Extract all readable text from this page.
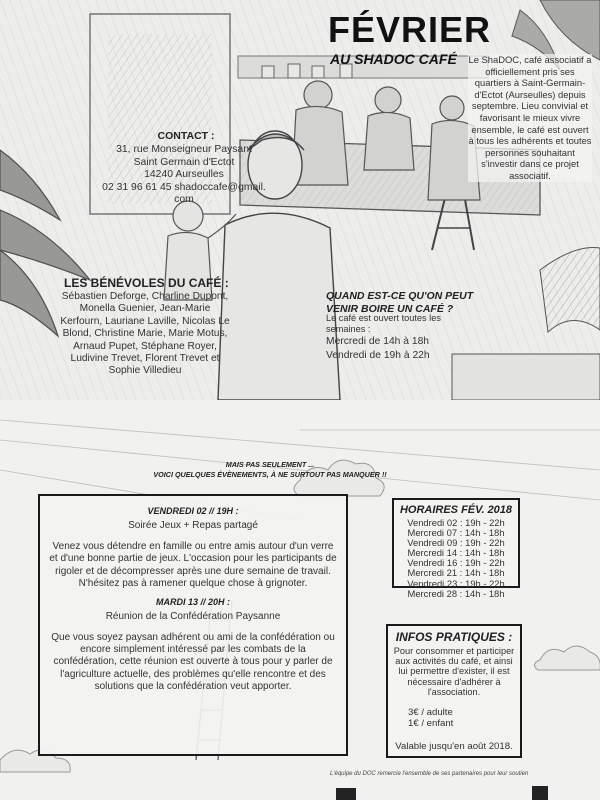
FÉVRIER
AU SHADOC CAFÉ Le ShaDOC, café associatif a officiellement pris ses quartiers à Saint-Germain-d'Ectot (Aurseulles) depuis septembre. Lieu convivial et favorisant le mieux vivre ensemble, le café est ouvert à tous les adhérents et toutes personnes souhaitant s'investir dans ce projet associatif.
CONTACT :
31, rue Monseigneur Paysant
Saint Germain d'Ectot
14240 Aurseulles
02 31 96 61 45 shadoccafe@gmail.
com
LES BÉNÉVOLES DU CAFÉ :
Sébastien Deforge, Charline Dupont, Monella Guenier, Jean-Marie Kerfourn, Lauriane Laville, Nicolas Le Blond, Christine Marie, Marie Motus, Arnaud Pupet, Stéphane Royer, Ludivine Trevet, Florent Trevet et Sophie Villedieu
QUAND EST-CE QU'ON PEUT VENIR BOIRE UN CAFÉ ?
Le café est ouvert toutes les semaines :
Mercredi de 14h à 18h
Vendredi de 19h à 22h
MAIS PAS SEULEMENT ...
VOICI QUELQUES ÉVÈNEMENTS, À NE SURTOUT PAS MANQUER !!
VENDREDI 02 // 19H :
Soirée Jeux + Repas partagé
Venez vous détendre en famille ou entre amis autour d'un verre et d'une bonne partie de jeux. L'occasion pour les participants de rigoler et de décompresser après une dure semaine de travail. N'hésitez pas à ramener quelque chose à grignoter.
MARDI 13 // 20H :
Réunion de la Confédération Paysanne
Que vous soyez paysan adhérent ou ami de la confédération ou encore simplement intéressé par les combats de la confédération, cette réunion est ouverte à tous pour y parler de l'agriculture actuelle, des problèmes qu'elle rencontre et des solutions que la confédération veut apporter.
HORAIRES FÉV. 2018
Vendredi 02 : 19h - 22h
Mercredi 07 : 14h - 18h
Vendredi 09 : 19h - 22h
Mercredi 14 : 14h - 18h
Vendredi 16 : 19h - 22h
Mercredi 21 : 14h - 18h
Vendredi 23 : 19h - 22h
Mercredi 28 : 14h - 18h
INFOS PRATIQUES :
Pour consommer et participer aux activités du café, et ainsi lui permettre d'exister, il est nécessaire d'adhérer à l'association.
3€ / adulte
1€ / enfant
Valable jusqu'en août 2018.
L'équipe du DOC remercie l'ensemble de ses partenaires pour leur soutien
